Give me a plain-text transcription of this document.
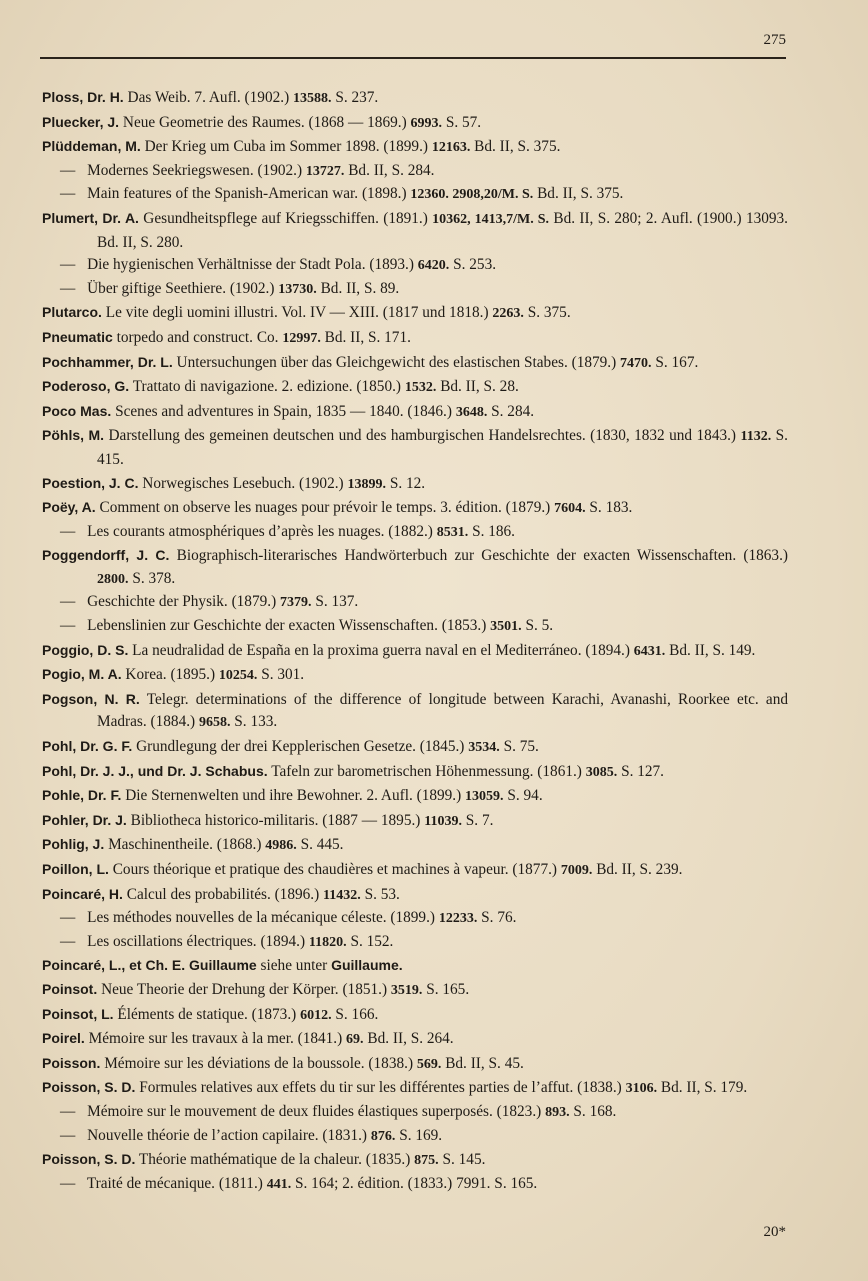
275

Ploss, Dr. H. Das Weib. 7. Aufl. (1902.) 13588. S. 237.

Pluecker, J. Neue Geometrie des Raumes. (1868 — 1869.) 6993. S. 57.

Plüddeman, M. Der Krieg um Cuba im Sommer 1898. (1899.) 12163. Bd. II, S. 375.

— Modernes Seekriegswesen. (1902.) 13727. Bd. II, S. 284.

— Main features of the Spanish-American war. (1898.) 12360. 2908,20/M. S. Bd. II, S. 375.

Plumert, Dr. A. Gesundheitspflege auf Kriegsschiffen. (1891.) 10362, 1413,7/M. S. Bd. II, S. 280; 2. Aufl. (1900.) 13093. Bd. II, S. 280.

— Die hygienischen Verhältnisse der Stadt Pola. (1893.) 6420. S. 253.

— Über giftige Seethiere. (1902.) 13730. Bd. II, S. 89.

Plutarco. Le vite degli uomini illustri. Vol. IV — XIII. (1817 und 1818.) 2263. S. 375.

Pneumatic torpedo and construct. Co. 12997. Bd. II, S. 171.

Pochhammer, Dr. L. Untersuchungen über das Gleichgewicht des elastischen Stabes. (1879.) 7470. S. 167.

Poderoso, G. Trattato di navigazione. 2. edizione. (1850.) 1532. Bd. II, S. 28.

Poco Mas. Scenes and adventures in Spain, 1835 — 1840. (1846.) 3648. S. 284.

Pöhls, M. Darstellung des gemeinen deutschen und des hamburgischen Handelsrechtes. (1830, 1832 und 1843.) 1132. S. 415.

Poestion, J. C. Norwegisches Lesebuch. (1902.) 13899. S. 12.

Poëy, A. Comment on observe les nuages pour prévoir le temps. 3. édition. (1879.) 7604. S. 183.

— Les courants atmosphériques d’après les nuages. (1882.) 8531. S. 186.

Poggendorff, J. C. Biographisch-literarisches Handwörterbuch zur Geschichte der exacten Wissenschaften. (1863.) 2800. S. 378.

— Geschichte der Physik. (1879.) 7379. S. 137.

— Lebenslinien zur Geschichte der exacten Wissenschaften. (1853.) 3501. S. 5.

Poggio, D. S. La neudralidad de España en la proxima guerra naval en el Mediterráneo. (1894.) 6431. Bd. II, S. 149.

Pogio, M. A. Korea. (1895.) 10254. S. 301.

Pogson, N. R. Telegr. determinations of the difference of longitude between Karachi, Avanashi, Roorkee etc. and Madras. (1884.) 9658. S. 133.

Pohl, Dr. G. F. Grundlegung der drei Kepplerischen Gesetze. (1845.) 3534. S. 75.

Pohl, Dr. J. J., und Dr. J. Schabus. Tafeln zur barometrischen Höhenmessung. (1861.) 3085. S. 127.

Pohle, Dr. F. Die Sternenwelten und ihre Bewohner. 2. Aufl. (1899.) 13059. S. 94.

Pohler, Dr. J. Bibliotheca historico-militaris. (1887 — 1895.) 11039. S. 7.

Pohlig, J. Maschinentheile. (1868.) 4986. S. 445.

Poillon, L. Cours théorique et pratique des chaudières et machines à vapeur. (1877.) 7009. Bd. II, S. 239.

Poincaré, H. Calcul des probabilités. (1896.) 11432. S. 53.

— Les méthodes nouvelles de la mécanique céleste. (1899.) 12233. S. 76.

— Les oscillations électriques. (1894.) 11820. S. 152.

Poincaré, L., et Ch. E. Guillaume siehe unter Guillaume.

Poinsot. Neue Theorie der Drehung der Körper. (1851.) 3519. S. 165.

Poinsot, L. Éléments de statique. (1873.) 6012. S. 166.

Poirel. Mémoire sur les travaux à la mer. (1841.) 69. Bd. II, S. 264.

Poisson. Mémoire sur les déviations de la boussole. (1838.) 569. Bd. II, S. 45.

Poisson, S. D. Formules relatives aux effets du tir sur les différentes parties de l’affut. (1838.) 3106. Bd. II, S. 179.

— Mémoire sur le mouvement de deux fluides élastiques superposés. (1823.) 893. S. 168.

— Nouvelle théorie de l’action capilaire. (1831.) 876. S. 169.

Poisson, S. D. Théorie mathématique de la chaleur. (1835.) 875. S. 145.

— Traité de mécanique. (1811.) 441. S. 164; 2. édition. (1833.) 7991. S. 165.

20*
